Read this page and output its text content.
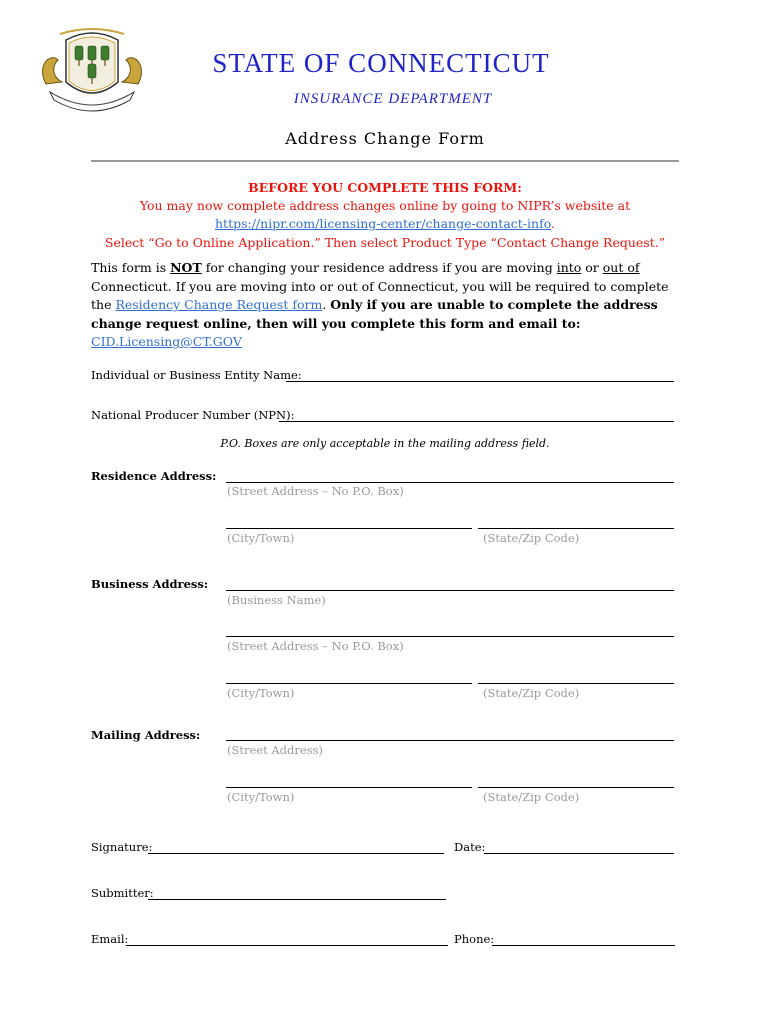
STATE OF CONNECTICUT
INSURANCE DEPARTMENT
Address Change Form
BEFORE YOU COMPLETE THIS FORM:
You may now complete address changes online by going to NIPR’s website at
https://nipr.com/licensing-center/change-contact-info.
Select “Go to Online Application.” Then select Product Type “Contact Change Request.”
This form is NOT for changing your residence address if you are moving into or out of Connecticut. If you are moving into or out of Connecticut, you will be required to complete the Residency Change Request form. Only if you are unable to complete the address change request online, then will you complete this form and email to: CID.Licensing@CT.GOV
Individual or Business Entity Name:
National Producer Number (NPN):
P.O. Boxes are only acceptable in the mailing address field.
Residence Address:
(Street Address – No P.O. Box)
(City/Town)	(State/Zip Code)
Business Address:
(Business Name)
(Street Address – No P.O. Box)
(City/Town)	(State/Zip Code)
Mailing Address:
(Street Address)
(City/Town)	(State/Zip Code)
Signature:	Date:
Submitter:
Email:	Phone:
